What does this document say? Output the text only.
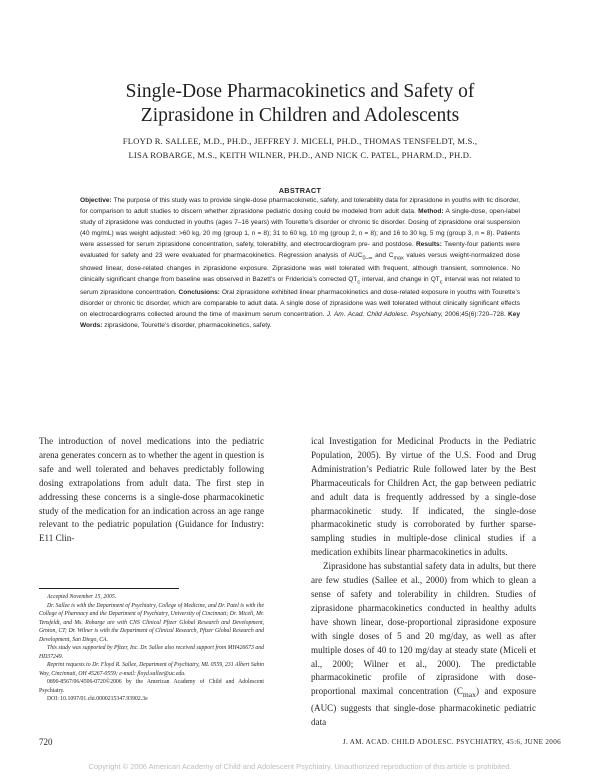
Single-Dose Pharmacokinetics and Safety of
Ziprasidone in Children and Adolescents
FLOYD R. SALLEE, M.D., PH.D., JEFFREY J. MICELI, PH.D., THOMAS TENSFELDT, M.S.,
LISA ROBARGE, M.S., KEITH WILNER, PH.D., AND NICK C. PATEL, PHARM.D., PH.D.
ABSTRACT
Objective: The purpose of this study was to provide single-dose pharmacokinetic, safety, and tolerability data for ziprasidone in youths with tic disorder, for comparison to adult studies to discern whether ziprasidone pediatric dosing could be modeled from adult data. Method: A single-dose, open-label study of ziprasidone was conducted in youths (ages 7–16 years) with Tourette’s disorder or chronic tic disorder. Dosing of ziprasidone oral suspension (40 mg/mL) was weight adjusted: >60 kg, 20 mg (group 1, n = 8); 31 to 60 kg, 10 mg (group 2, n = 8); and 16 to 30 kg, 5 mg (group 3, n = 8). Patients were assessed for serum ziprasidone concentration, safety, tolerability, and electrocardiogram pre- and postdose. Results: Twenty-four patients were evaluated for safety and 23 were evaluated for pharmacokinetics. Regression analysis of $AUC_{0-\infty}$ and $C_{max}$ values versus weight-normalized dose showed linear, dose-related changes in ziprasidone exposure. Ziprasidone was well tolerated with frequent, although transient, somnolence. No clinically significant change from baseline was observed in Bazett’s or Fridericia’s corrected $QT_c$ interval, and change in $QT_c$ interval was not related to serum ziprasidone concentration. Conclusions: Oral ziprasidone exhibited linear pharmacokinetics and dose-related exposure in youths with Tourette’s disorder or chronic tic disorder, which are comparable to adult data. A single dose of ziprasidone was well tolerated without clinically significant effects on electrocardiograms collected around the time of maximum serum concentration. J. Am. Acad. Child Adolesc. Psychiatry, 2006;45(6):720–728. Key Words: ziprasidone, Tourette’s disorder, pharmacokinetics, safety.

The introduction of novel medications into the pediatric arena generates concern as to whether the agent in question is safe and well tolerated and behaves predictably following dosing extrapolations from adult data. The first step in addressing these concerns is a single-dose pharmacokinetic study of the medication for an indication across an age range relevant to the pediatric population (Guidance for Industry: E11 Clin-

ical Investigation for Medicinal Products in the Pediatric Population, 2005). By virtue of the U.S. Food and Drug Administration’s Pediatric Rule followed later by the Best Pharmaceuticals for Children Act, the gap between pediatric and adult data is frequently addressed by a single-dose pharmacokinetic study. If indicated, the single-dose pharmacokinetic study is corroborated by further sparse-sampling studies in multiple-dose clinical studies if a medication exhibits linear pharmacokinetics in adults.

Ziprasidone has substantial safety data in adults, but there are few studies (Sallee et al., 2000) from which to glean a sense of safety and tolerability in children. Studies of ziprasidone pharmacokinetics conducted in healthy adults have shown linear, dose-proportional ziprasidone exposure with single doses of 5 and 20 mg/day, as well as after multiple doses of 40 to 120 mg/day at steady state (Miceli et al., 2000; Wilner et al., 2000). The predictable pharmacokinetic profile of ziprasidone with dose-proportional maximal concentration $(C_{max})$ and exposure (AUC) suggests that single-dose pharmacokinetic pediatric data

Accepted November 15, 2005.

Dr. Sallee is with the Department of Psychiatry, College of Medicine, and Dr. Patel is with the College of Pharmacy and the Department of Psychiatry, University of Cincinnati; Dr. Miceli, Mr. Tensfeldt, and Ms. Robarge are with CNS Clinical Pfizer Global Research and Development, Groton, CT; Dr. Wilner is with the Department of Clinical Research, Pfizer Global Research and Development, San Diego, CA.

This study was supported by Pfizer, Inc. Dr. Sallee also received support from MH426673 and HD37249.

Reprint requests to Dr. Floyd R. Sallee, Department of Psychiatry, ML 0559, 231 Albert Sabin Way, Cincinnati, OH 45267-0559; e-mail: floyd.sallee@uc.edu.

0890-8567/06/4506-0720©2006 by the American Academy of Child and Adolescent Psychiatry.

DOI: 10.1097/01.chi.0000215347.93902.3e

720	J. AM. ACAD. CHILD ADOLESC. PSYCHIATRY, 45:6, JUNE 2006
Copyright © 2006 American Academy of Child and Adolescent Psychiatry. Unauthorized reproduction of this article is prohibited.
